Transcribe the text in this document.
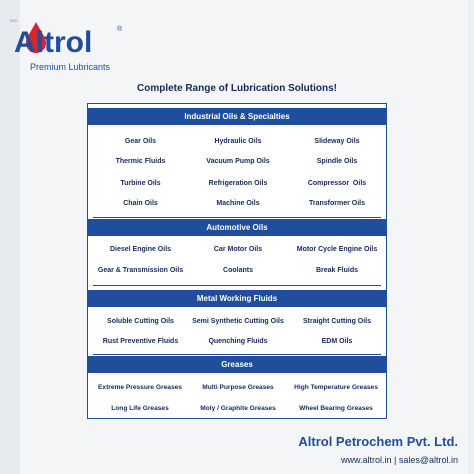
ISO
Altrol	®
Premium Lubricants
Complete Range of Lubrication Solutions!
Industrial Oils & Specialties
Gear Oils	Hydraulic Oils	Slideway Oils
Thermic Fluids	Vacuum Pump Oils	Spindle Oils
Turbine Oils	Refrigeration Oils	Compressor  Oils
Chain Oils	Machine Oils	Transformer Oils
Automotive Oils
Diesel Engine Oils	Car Motor Oils	Motor Cycle Engine Oils
Gear & Transmission Oils	Coolants	Break Fluids
Metal Working Fluids
Soluble Cutting Oils	Semi Synthetic Cutting Oils	Straight Cutting Oils
Rust Preventive Fluids	Quenching Fluids	EDM Oils
Greases
Extreme Pressure Greases	Multi Purpose Greases	High Temperature Greases
Long Life Greases	Moly / Graphite Greases	Wheel Bearing Greases
Altrol Petrochem Pvt. Ltd.
www.altrol.in | sales@altrol.in
